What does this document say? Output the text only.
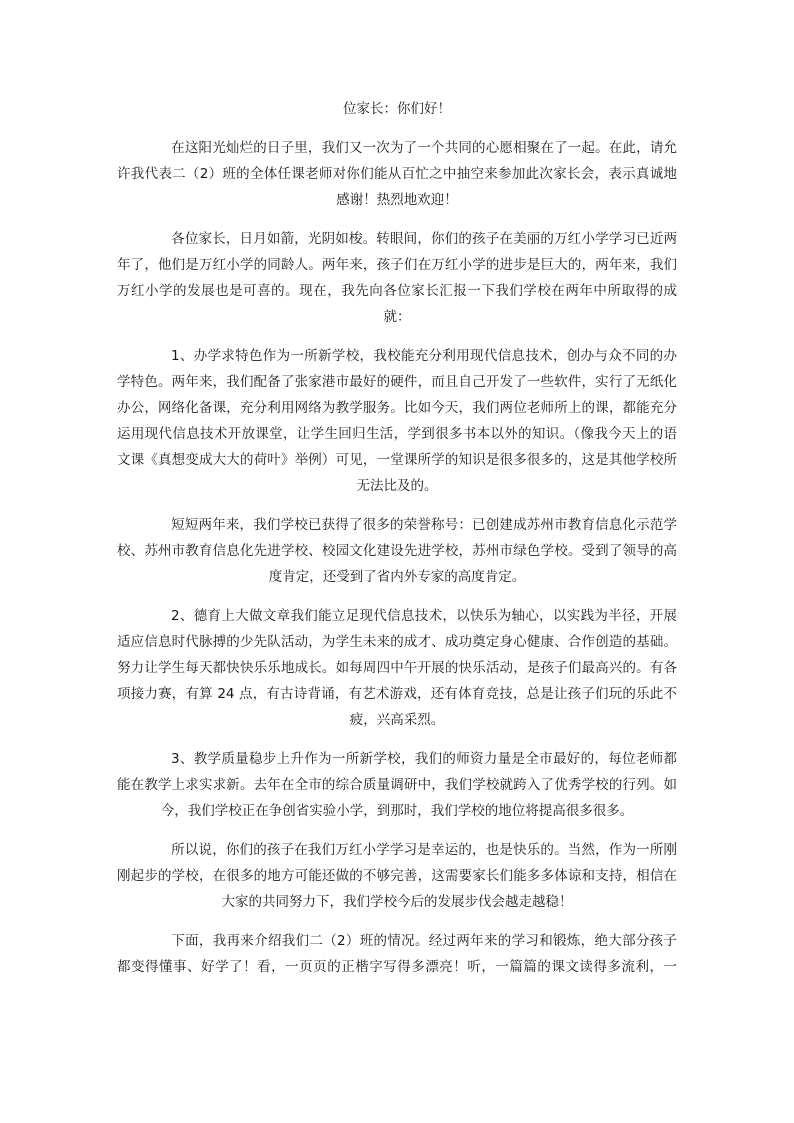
位家长：你们好！

在这阳光灿烂的日子里，我们又一次为了一个共同的心愿相聚在了一起。在此，请允许我代表二（2）班的全体任课老师对你们能从百忙之中抽空来参加此次家长会，表示真诚地感谢！热烈地欢迎！

各位家长，日月如箭，光阴如梭。转眼间，你们的孩子在美丽的万红小学学习已近两年了，他们是万红小学的同龄人。两年来，孩子们在万红小学的进步是巨大的，两年来，我们万红小学的发展也是可喜的。现在，我先向各位家长汇报一下我们学校在两年中所取得的成就：

1、办学求特色作为一所新学校，我校能充分利用现代信息技术，创办与众不同的办学特色。两年来，我们配备了张家港市最好的硬件，而且自己开发了一些软件，实行了无纸化办公，网络化备课，充分利用网络为教学服务。比如今天，我们两位老师所上的课，都能充分运用现代信息技术开放课堂，让学生回归生活，学到很多书本以外的知识。（像我今天上的语文课《真想变成大大的荷叶》举例）可见，一堂课所学的知识是很多很多的，这是其他学校所无法比及的。

短短两年来，我们学校已获得了很多的荣誉称号：已创建成苏州市教育信息化示范学校、苏州市教育信息化先进学校、校园文化建设先进学校，苏州市绿色学校。受到了领导的高度肯定，还受到了省内外专家的高度肯定。

2、德育上大做文章我们能立足现代信息技术，以快乐为轴心，以实践为半径，开展适应信息时代脉搏的少先队活动，为学生未来的成才、成功奠定身心健康、合作创造的基础。努力让学生每天都快快乐乐地成长。如每周四中午开展的快乐活动，是孩子们最高兴的。有各项接力赛，有算 24 点，有古诗背诵，有艺术游戏，还有体育竞技，总是让孩子们玩的乐此不疲，兴高采烈。

3、教学质量稳步上升作为一所新学校，我们的师资力量是全市最好的，每位老师都能在教学上求实求新。去年在全市的综合质量调研中，我们学校就跨入了优秀学校的行列。如今，我们学校正在争创省实验小学，到那时，我们学校的地位将提高很多很多。

所以说，你们的孩子在我们万红小学学习是幸运的，也是快乐的。当然，作为一所刚刚起步的学校，在很多的地方可能还做的不够完善，这需要家长们能多多体谅和支持，相信在大家的共同努力下，我们学校今后的发展步伐会越走越稳！

下面，我再来介绍我们二（2）班的情况。经过两年来的学习和锻炼，绝大部分孩子都变得懂事、好学了！看，一页页的正楷字写得多漂亮！听，一篇篇的课文读得多流利，一
